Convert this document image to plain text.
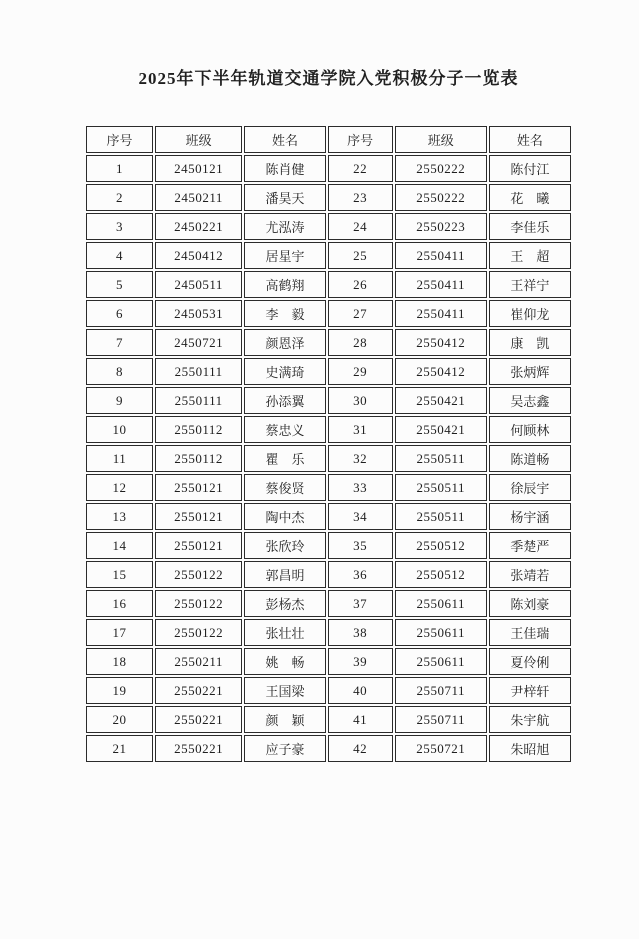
2025年下半年轨道交通学院入党积极分子一览表
序号	班级	姓名	序号	班级	姓名
1	2450121	陈肖健	22	2550222	陈付江
2	2450211	潘昊天	23	2550222	花　曦
3	2450221	尤泓涛	24	2550223	李佳乐
4	2450412	居星宇	25	2550411	王　超
5	2450511	高鹤翔	26	2550411	王祥宁
6	2450531	李　毅	27	2550411	崔仰龙
7	2450721	颜恩泽	28	2550412	康　凯
8	2550111	史满琦	29	2550412	张炳辉
9	2550111	孙添翼	30	2550421	吴志鑫
10	2550112	蔡忠义	31	2550421	何顾林
11	2550112	瞿　乐	32	2550511	陈道畅
12	2550121	蔡俊贤	33	2550511	徐辰宇
13	2550121	陶中杰	34	2550511	杨宇涵
14	2550121	张欣玲	35	2550512	季楚严
15	2550122	郭昌明	36	2550512	张靖若
16	2550122	彭杨杰	37	2550611	陈刘豪
17	2550122	张壮壮	38	2550611	王佳瑞
18	2550211	姚　畅	39	2550611	夏伶俐
19	2550221	王国梁	40	2550711	尹梓轩
20	2550221	颜　颖	41	2550711	朱宇航
21	2550221	应子豪	42	2550721	朱昭旭
